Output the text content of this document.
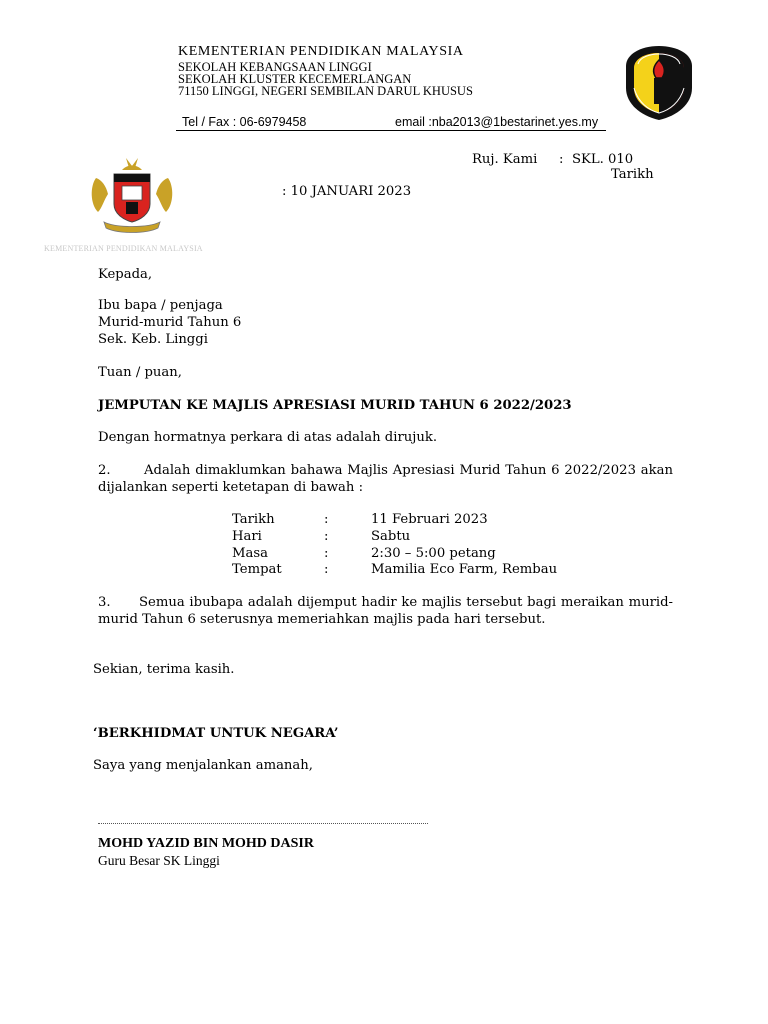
KEMENTERIAN PENDIDIKAN MALAYSIA
SEKOLAH KEBANGSAAN LINGGI
SEKOLAH KLUSTER KECEMERLANGAN
71150 LINGGI, NEGERI SEMBILAN DARUL KHUSUS
Tel / Fax : 06-6979458	email :nba2013@1bestarinet.yes.my
KEMENTERIAN PENDIDIKAN MALAYSIA
Ruj. Kami : SKL. 010
Tarikh
: 10 JANUARI 2023
Kepada,
Ibu bapa / penjaga
Murid-murid Tahun 6
Sek. Keb. Linggi
Tuan / puan,
JEMPUTAN KE MAJLIS APRESIASI MURID TAHUN 6 2022/2023
Dengan hormatnya perkara di atas adalah dirujuk.
2.	Adalah dimaklumkan bahawa Majlis Apresiasi Murid Tahun 6 2022/2023 akan
dijalankan seperti ketetapan di bawah :
Tarikh	:	11 Februari 2023
Hari	:	Sabtu
Masa	:	2:30 – 5:00 petang
Tempat	:	Mamilia Eco Farm, Rembau
3. Semua ibubapa adalah dijemput hadir ke majlis tersebut bagi meraikan murid-
murid Tahun 6 seterusnya memeriahkan majlis pada hari tersebut.
Sekian, terima kasih.
‘BERKHIDMAT UNTUK NEGARA’
Saya yang menjalankan amanah,
MOHD YAZID BIN MOHD DASIR
Guru Besar SK Linggi
